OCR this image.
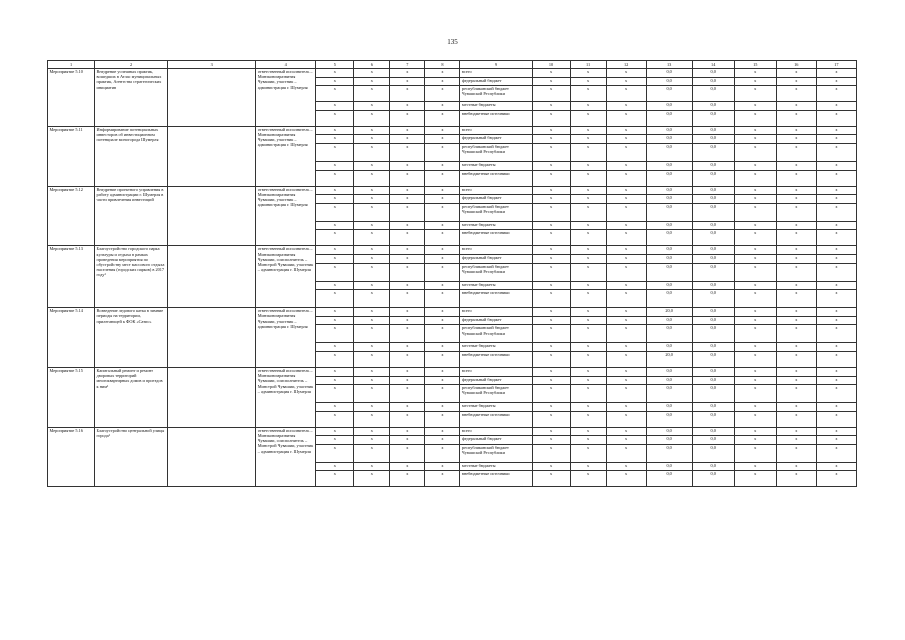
135
1	2	3	4	5	6	7	8	9	10	11	12	13	14	15	16	17
Мероприятие 5.10	Внедрение успешных практик, вошедших в Атлас муниципальных практик, Агентства стратегических инициатив		ответственный исполнитель – Минэкономразвития Чувашии, участник – администрация г. Шумерля	x	x	x	x	всего	x	x	x	0,0	0,0	x	x	x
				x	x	x	x	федеральный бюджет	x	x	x	0,0	0,0	x	x	x
				x	x	x	x	республиканский бюджет Чувашской Республики	x	x	x	0,0	0,0	x	x	x
				x	x	x	x	местные бюджеты	x	x	x	0,0	0,0	x	x	x
				x	x	x	x	внебюджетные источники	x	x	x	0,0	0,0	x	x	x
Мероприятие 5.11	Информирование потенциальных инвесторов об инвестиционном потенциале моногорода Шумерля		ответственный исполнитель – Минэкономразвития Чувашии, участник – администрация г. Шумерля	x	x	x	x	всего	x	x	x	0,0	0,0	x	x	x
				x	x	x	x	федеральный бюджет	x	x	x	0,0	0,0	x	x	x
				x	x	x	x	республиканский бюджет Чувашской Республики	x	x	x	0,0	0,0	x	x	x
				x	x	x	x	местные бюджеты	x	x	x	0,0	0,0	x	x	x
				x	x	x	x	внебюджетные источники	x	x	x	0,0	0,0	x	x	x
Мероприятие 5.12	Внедрение проектного управления в работу администрации г. Шумерля в части привлечения инвестиций		ответственный исполнитель – Минэкономразвития Чувашии, участник – администрация г. Шумерля	x	x	x	x	всего	x	x	x	0,0	0,0	x	x	x
				x	x	x	x	федеральный бюджет	x	x	x	0,0	0,0	x	x	x
				x	x	x	x	республиканский бюджет Чувашской Республики	x	x	x	0,0	0,0	x	x	x
				x	x	x	x	местные бюджеты	x	x	x	0,0	0,0	x	x	x
				x	x	x	x	внебюджетные источники	x	x	x	0,0	0,0	x	x	x
Мероприятие 5.13	Благоустройство городского парка культуры и отдыха в рамках проведения мероприятия по обустройству мест массового отдыха населения (городских парков) в 2017 году¹		ответственный исполнитель – Минэкономразвития Чувашии, соисполнитель – Минстрой Чувашии, участник – администрация г. Шумерля	x	x	x	x	всего	x	x	x	0,0	0,0	x	x	x
				x	x	x	x	федеральный бюджет	x	x	x	0,0	0,0	x	x	x
				x	x	x	x	республиканский бюджет Чувашской Республики	x	x	x	0,0	0,0	x	x	x
				x	x	x	x	местные бюджеты	x	x	x	0,0	0,0	x	x	x
				x	x	x	x	внебюджетные источники	x	x	x	0,0	0,0	x	x	x
Мероприятие 5.14	Возведение ледового катка в зимние периоды на территории, прилегающей к ФОК «Сатис»		ответственный исполнитель – Минэкономразвития Чувашии, участник – администрация г. Шумерля	x	x	x	x	всего	x	x	x	20,0	0,0	x	x	x
				x	x	x	x	федеральный бюджет	x	x	x	0,0	0,0	x	x	x
				x	x	x	x	республиканский бюджет Чувашской Республики	x	x	x	0,0	0,0	x	x	x
				x	x	x	x	местные бюджеты	x	x	x	0,0	0,0	x	x	x
				x	x	x	x	внебюджетные источники	x	x	x	20,0	0,0	x	x	x
Мероприятие 5.15	Капитальный ремонт и ремонт дворовых территорий многоквартирных домов и проездов к ним¹		ответственный исполнитель – Минэкономразвития Чувашии, соисполнитель – Минстрой Чувашии, участник – администрация г. Шумерля	x	x	x	x	всего	x	x	x	0,0	0,0	x	x	x
				x	x	x	x	федеральный бюджет	x	x	x	0,0	0,0	x	x	x
				x	x	x	x	республиканский бюджет Чувашской Республики	x	x	x	0,0	0,0	x	x	x
				x	x	x	x	местные бюджеты	x	x	x	0,0	0,0	x	x	x
				x	x	x	x	внебюджетные источники	x	x	x	0,0	0,0	x	x	x
Мероприятие 5.16	Благоустройство центральной улицы города¹		ответственный исполнитель – Минэкономразвития Чувашии, соисполнитель – Минстрой Чувашии, участник – администрация г. Шумерля	x	x	x	x	всего	x	x	x	0,0	0,0	x	x	x
				x	x	x	x	федеральный бюджет	x	x	x	0,0	0,0	x	x	x
				x	x	x	x	республиканский бюджет Чувашской Республики	x	x	x	0,0	0,0	x	x	x
				x	x	x	x	местные бюджеты	x	x	x	0,0	0,0	x	x	x
				x	x	x	x	внебюджетные источники	x	x	x	0,0	0,0	x	x	x
